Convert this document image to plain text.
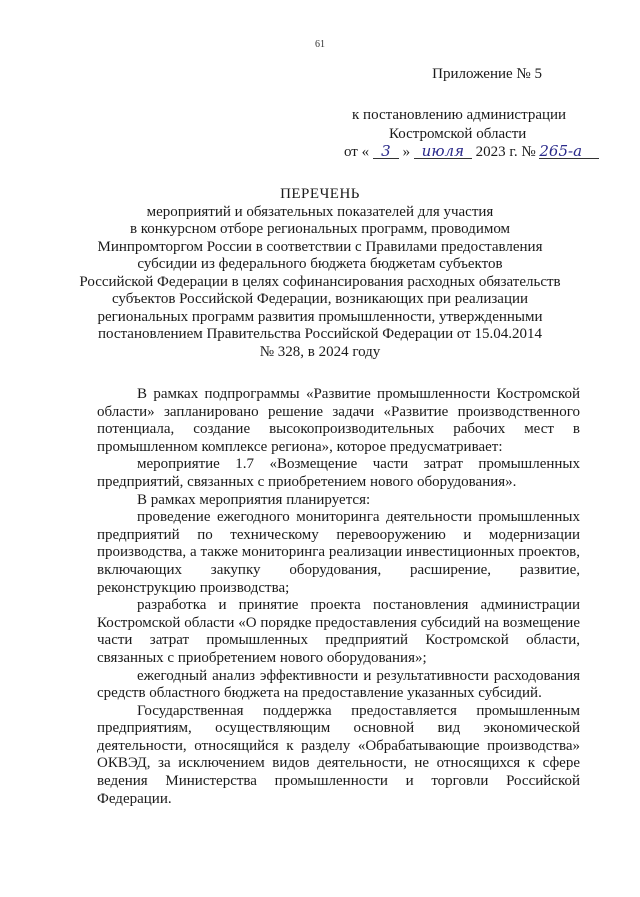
61
Приложение № 5
к постановлению администрации
Костромской области
от « 3 » июля 2023 г. № 265-а
ПЕРЕЧЕНЬ
мероприятий и обязательных показателей для участия
в конкурсном отборе региональных программ, проводимом
Минпромторгом России в соответствии с Правилами предоставления
субсидии из федерального бюджета бюджетам субъектов
Российской Федерации в целях софинансирования расходных обязательств
субъектов Российской Федерации, возникающих при реализации
региональных программ развития промышленности, утвержденными
постановлением Правительства Российской Федерации от 15.04.2014
№ 328, в 2024 году

В рамках подпрограммы «Развитие промышленности Костромской области» запланировано решение задачи «Развитие производственного потенциала, создание высокопроизводительных рабочих мест в промышленном комплексе региона», которое предусматривает:

мероприятие 1.7 «Возмещение части затрат промышленных предприятий, связанных с приобретением нового оборудования».

В рамках мероприятия планируется:

проведение ежегодного мониторинга деятельности промышленных предприятий по техническому перевооружению и модернизации производства, а также мониторинга реализации инвестиционных проектов, включающих закупку оборудования, расширение, развитие, реконструкцию производства;

разработка и принятие проекта постановления администрации Костромской области «О порядке предоставления субсидий на возмещение части затрат промышленных предприятий Костромской области, связанных с приобретением нового оборудования»;

ежегодный анализ эффективности и результативности расходования средств областного бюджета на предоставление указанных субсидий.

Государственная поддержка предоставляется промышленным предприятиям, осуществляющим основной вид экономической деятельности, относящийся к разделу «Обрабатывающие производства» ОКВЭД, за исключением видов деятельности, не относящихся к сфере ведения Министерства промышленности и торговли Российской Федерации.
